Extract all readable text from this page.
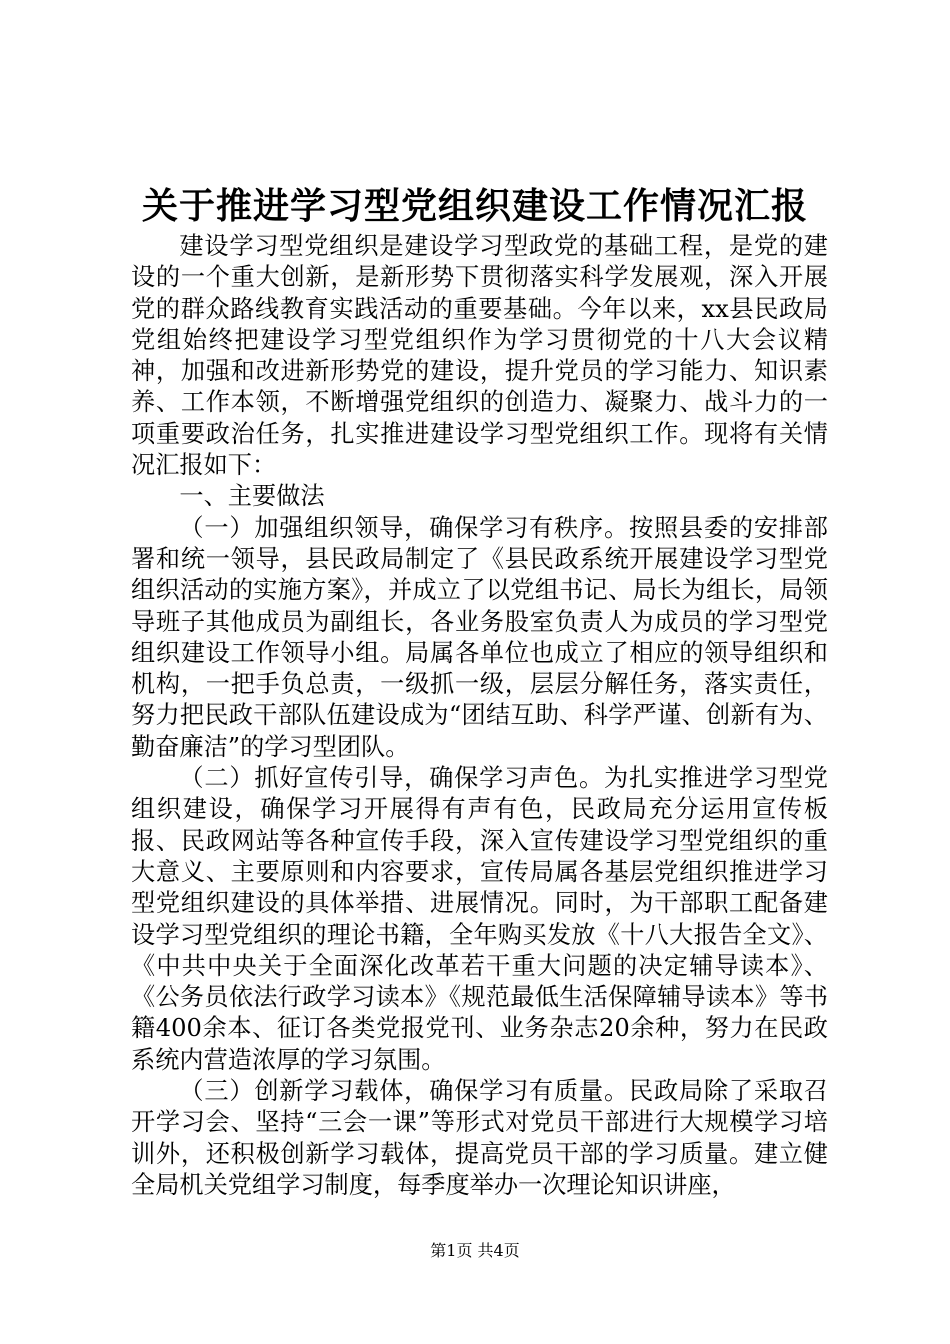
关于推进学习型党组织建设工作情况汇报

建设学习型党组织是建设学习型政党的基础工程，是党的建设的一个重大创新，是新形势下贯彻落实科学发展观，深入开展党的群众路线教育实践活动的重要基础。今年以来，xx县民政局党组始终把建设学习型党组织作为学习贯彻党的十八大会议精神，加强和改进新形势党的建设，提升党员的学习能力、知识素养、工作本领，不断增强党组织的创造力、凝聚力、战斗力的一项重要政治任务，扎实推进建设学习型党组织工作。现将有关情况汇报如下：

一、主要做法

（一）加强组织领导，确保学习有秩序。按照县委的安排部署和统一领导，县民政局制定了《县民政系统开展建设学习型党组织活动的实施方案》，并成立了以党组书记、局长为组长，局领导班子其他成员为副组长，各业务股室负责人为成员的学习型党组织建设工作领导小组。局属各单位也成立了相应的领导组织和机构，一把手负总责，一级抓一级，层层分解任务，落实责任，努力把民政干部队伍建设成为“团结互助、科学严谨、创新有为、勤奋廉洁”的学习型团队。

（二）抓好宣传引导，确保学习声色。为扎实推进学习型党组织建设，确保学习开展得有声有色，民政局充分运用宣传板报、民政网站等各种宣传手段，深入宣传建设学习型党组织的重大意义、主要原则和内容要求，宣传局属各基层党组织推进学习型党组织建设的具体举措、进展情况。同时，为干部职工配备建设学习型党组织的理论书籍，全年购买发放《十八大报告全文》、《中共中央关于全面深化改革若干重大问题的决定辅导读本》、《公务员依法行政学习读本》《规范最低生活保障辅导读本》等书籍400余本、征订各类党报党刊、业务杂志20余种，努力在民政系统内营造浓厚的学习氛围。

（三）创新学习载体，确保学习有质量。民政局除了采取召开学习会、坚持“三会一课”等形式对党员干部进行大规模学习培训外，还积极创新学习载体，提高党员干部的学习质量。建立健全局机关党组学习制度，每季度举办一次理论知识讲座，

第1页 共4页
